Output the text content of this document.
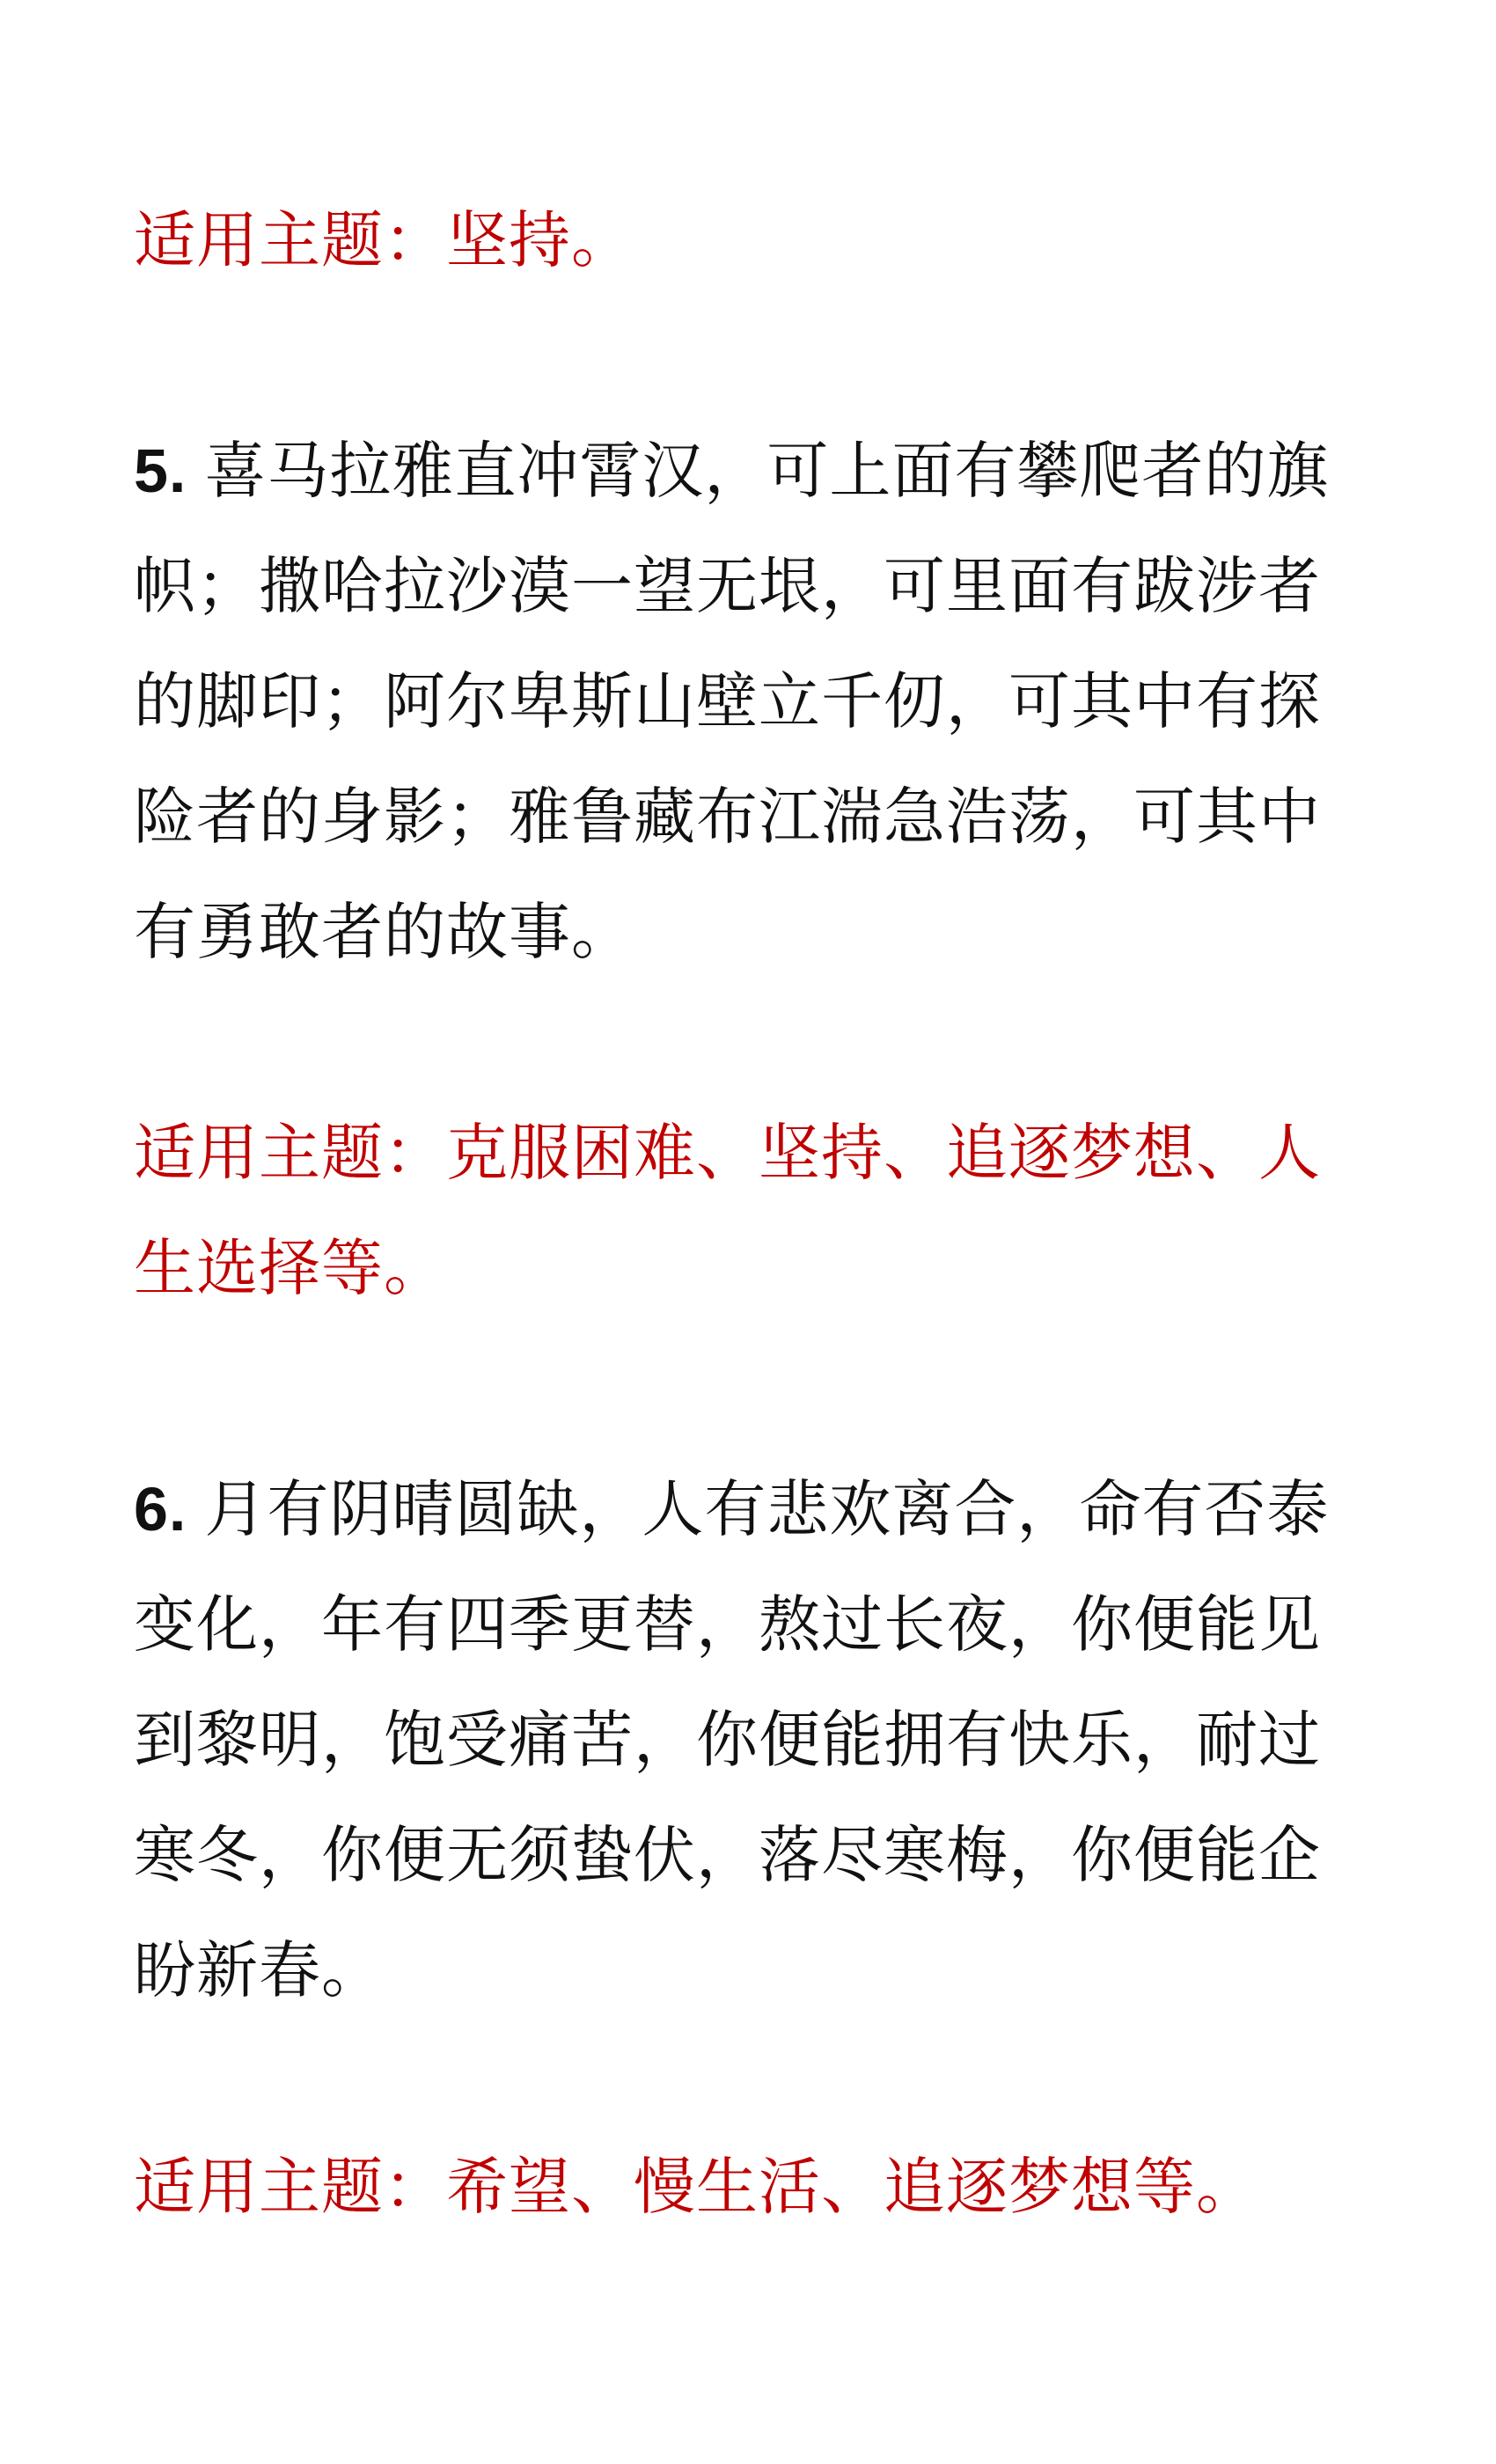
适用主题：坚持。
5. 喜马拉雅直冲霄汉，可上面有攀爬者的旗
帜；撒哈拉沙漠一望无垠，可里面有跋涉者
的脚印；阿尔卑斯山壁立千仞，可其中有探
险者的身影；雅鲁藏布江湍急浩荡，可其中
有勇敢者的故事。
适用主题：克服困难、坚持、追逐梦想、人
生选择等。
6. 月有阴晴圆缺，人有悲欢离合，命有否泰
变化，年有四季更替，熬过长夜，你便能见
到黎明，饱受痛苦，你便能拥有快乐，耐过
寒冬，你便无须蛰伏，落尽寒梅，你便能企
盼新春。
适用主题：希望、慢生活、追逐梦想等。
